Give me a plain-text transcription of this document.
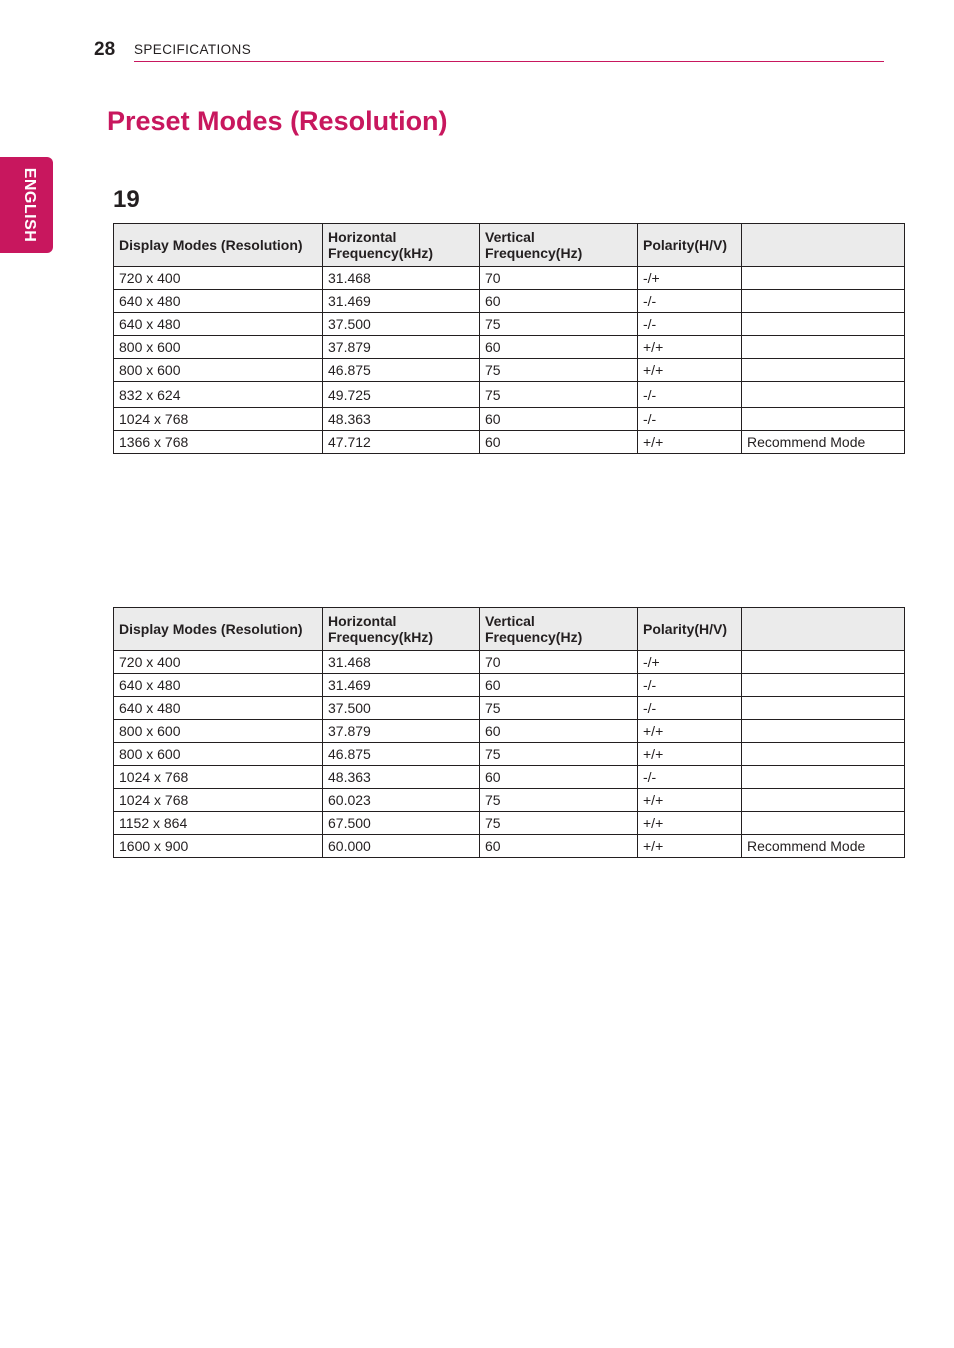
28 SPECIFICATIONS
ENGLISH
Preset Modes (Resolution)
19
Display Modes (Resolution)	Horizontal Frequency(kHz)	Vertical Frequency(Hz)	Polarity(H/V)	
720 x 400	31.468	70	-/+	
640 x 480	31.469	60	-/-	
640 x 480	37.500	75	-/-	
800 x 600	37.879	60	+/+	
800 x 600	46.875	75	+/+	
832 x 624	49.725	75	-/-	
1024 x 768	48.363	60	-/-	
1366 x 768	47.712	60	+/+	Recommend Mode
Display Modes (Resolution)	Horizontal Frequency(kHz)	Vertical Frequency(Hz)	Polarity(H/V)	
720 x 400	31.468	70	-/+	
640 x 480	31.469	60	-/-	
640 x 480	37.500	75	-/-	
800 x 600	37.879	60	+/+	
800 x 600	46.875	75	+/+	
1024 x 768	48.363	60	-/-	
1024 x 768	60.023	75	+/+	
1152 x 864	67.500	75	+/+	
1600 x 900	60.000	60	+/+	Recommend Mode
